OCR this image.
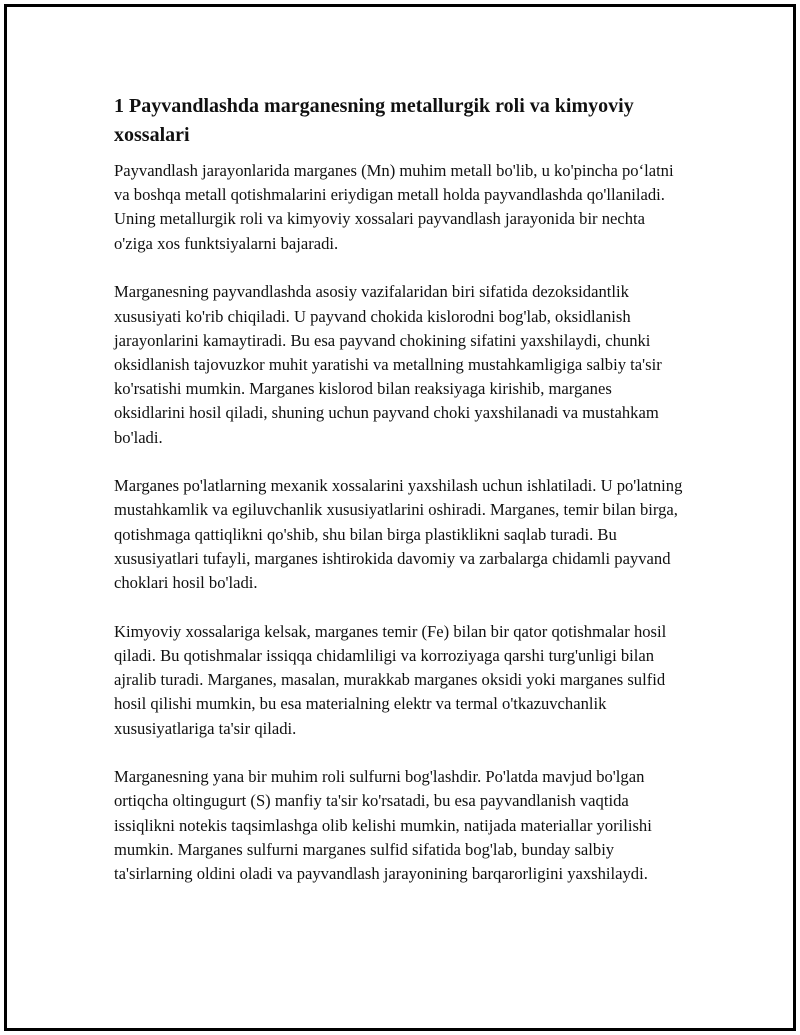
1 Payvandlashda marganesning metallurgik roli va kimyoviy xossalari

Payvandlash jarayonlarida marganes (Mn) muhim metall bo'lib, u ko'pincha po‘latni va boshqa metall qotishmalarini eriydigan metall holda payvandlashda qo'llaniladi. Uning metallurgik roli va kimyoviy xossalari payvandlash jarayonida bir nechta o'ziga xos funktsiyalarni bajaradi.

Marganesning payvandlashda asosiy vazifalaridan biri sifatida dezoksidantlik xususiyati ko'rib chiqiladi. U payvand chokida kislorodni bog'lab, oksidlanish jarayonlarini kamaytiradi. Bu esa payvand chokining sifatini yaxshilaydi, chunki oksidlanish tajovuzkor muhit yaratishi va metallning mustahkamligiga salbiy ta'sir ko'rsatishi mumkin. Marganes kislorod bilan reaksiyaga kirishib, marganes oksidlarini hosil qiladi, shuning uchun payvand choki yaxshilanadi va mustahkam bo'ladi.

Marganes po'latlarning mexanik xossalarini yaxshilash uchun ishlatiladi. U po'latning mustahkamlik va egiluvchanlik xususiyatlarini oshiradi. Marganes, temir bilan birga, qotishmaga qattiqlikni qo'shib, shu bilan birga plastiklikni saqlab turadi. Bu xususiyatlari tufayli, marganes ishtirokida davomiy va zarbalarga chidamli payvand choklari hosil bo'ladi.

Kimyoviy xossalariga kelsak, marganes temir (Fe) bilan bir qator qotishmalar hosil qiladi. Bu qotishmalar issiqqa chidamliligi va korroziyaga qarshi turg'unligi bilan ajralib turadi. Marganes, masalan, murakkab marganes oksidi yoki marganes sulfid hosil qilishi mumkin, bu esa materialning elektr va termal o'tkazuvchanlik xususiyatlariga ta'sir qiladi.

Marganesning yana bir muhim roli sulfurni bog'lashdir. Po'latda mavjud bo'lgan ortiqcha oltingugurt (S) manfiy ta'sir ko'rsatadi, bu esa payvandlanish vaqtida issiqlikni notekis taqsimlashga olib kelishi mumkin, natijada materiallar yorilishi mumkin. Marganes sulfurni marganes sulfid sifatida bog'lab, bunday salbiy ta'sirlarning oldini oladi va payvandlash jarayonining barqarorligini yaxshilaydi.
